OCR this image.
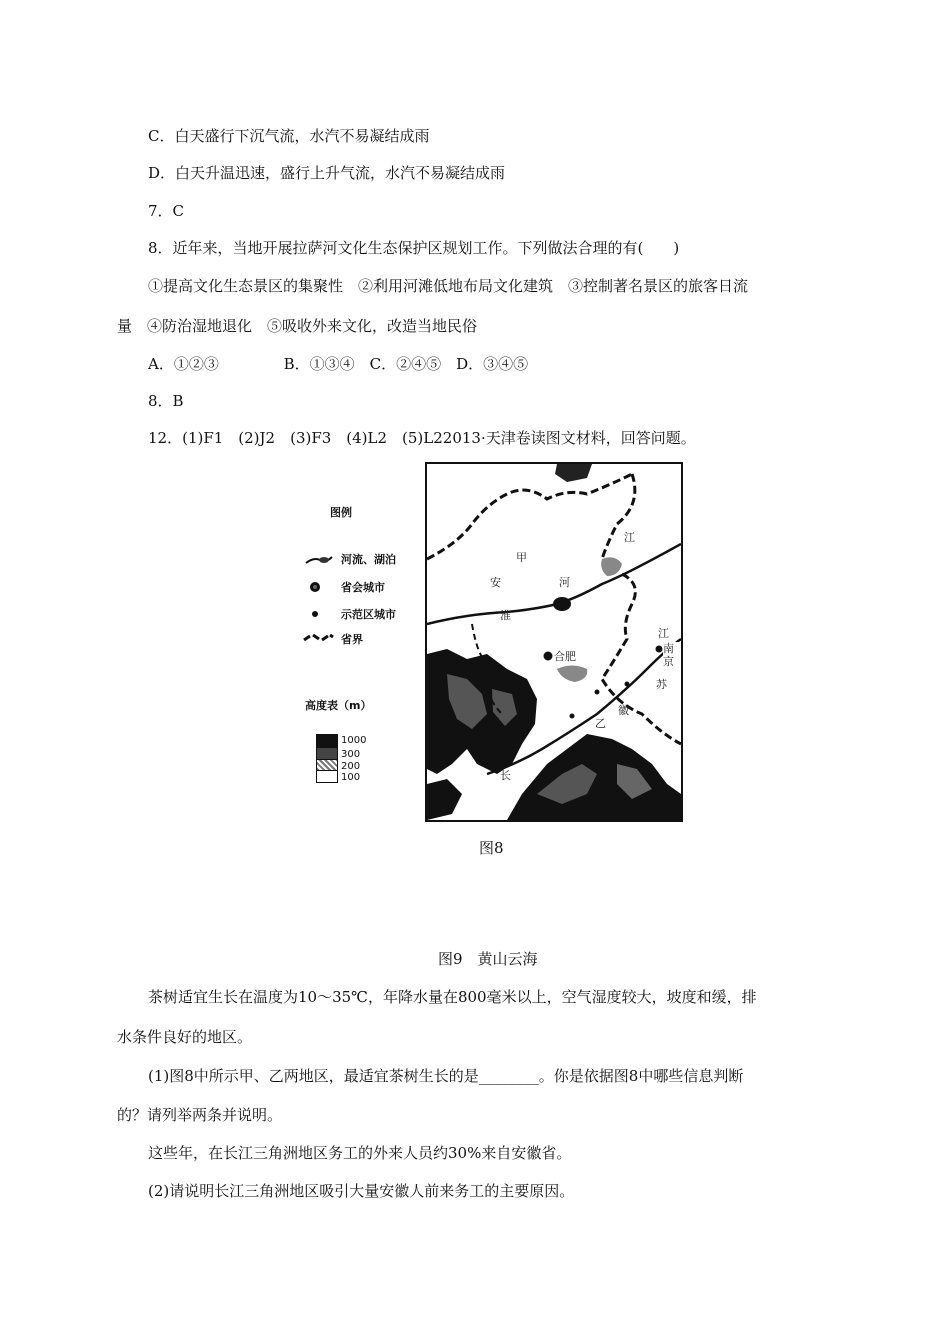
C．白天盛行下沉气流，水汽不易凝结成雨
D．白天升温迅速，盛行上升气流，水汽不易凝结成雨
7．C
8．近年来，当地开展拉萨河文化生态保护区规划工作。下列做法合理的有(　　)
①提高文化生态景区的集聚性　②利用河滩低地布局文化建筑　③控制著名景区的旅客日流
量　④防治湿地退化　⑤吸收外来文化，改造当地民俗
A．①②③　　　　 B．①③④　C．②④⑤　D．③④⑤
8．B
12．(1)F1　(2)J2　(3)F3　(4)L2　(5)L22013·天津卷读图文材料，回答问题。
图例
河流、湖泊
省会城市
示范区城市
省界
高度表（m）
1000
300
200
100
江
甲
安	河
淮
江
合肥
南京
苏
徽
乙
长
图8
图9　黄山云海
茶树适宜生长在温度为10～35℃，年降水量在800毫米以上，空气湿度较大，坡度和缓，排
水条件良好的地区。
(1)图8中所示甲、乙两地区，最适宜茶树生长的是________。你是依据图8中哪些信息判断
的？请列举两条并说明。
这些年，在长江三角洲地区务工的外来人员约30%来自安徽省。
(2)请说明长江三角洲地区吸引大量安徽人前来务工的主要原因。
